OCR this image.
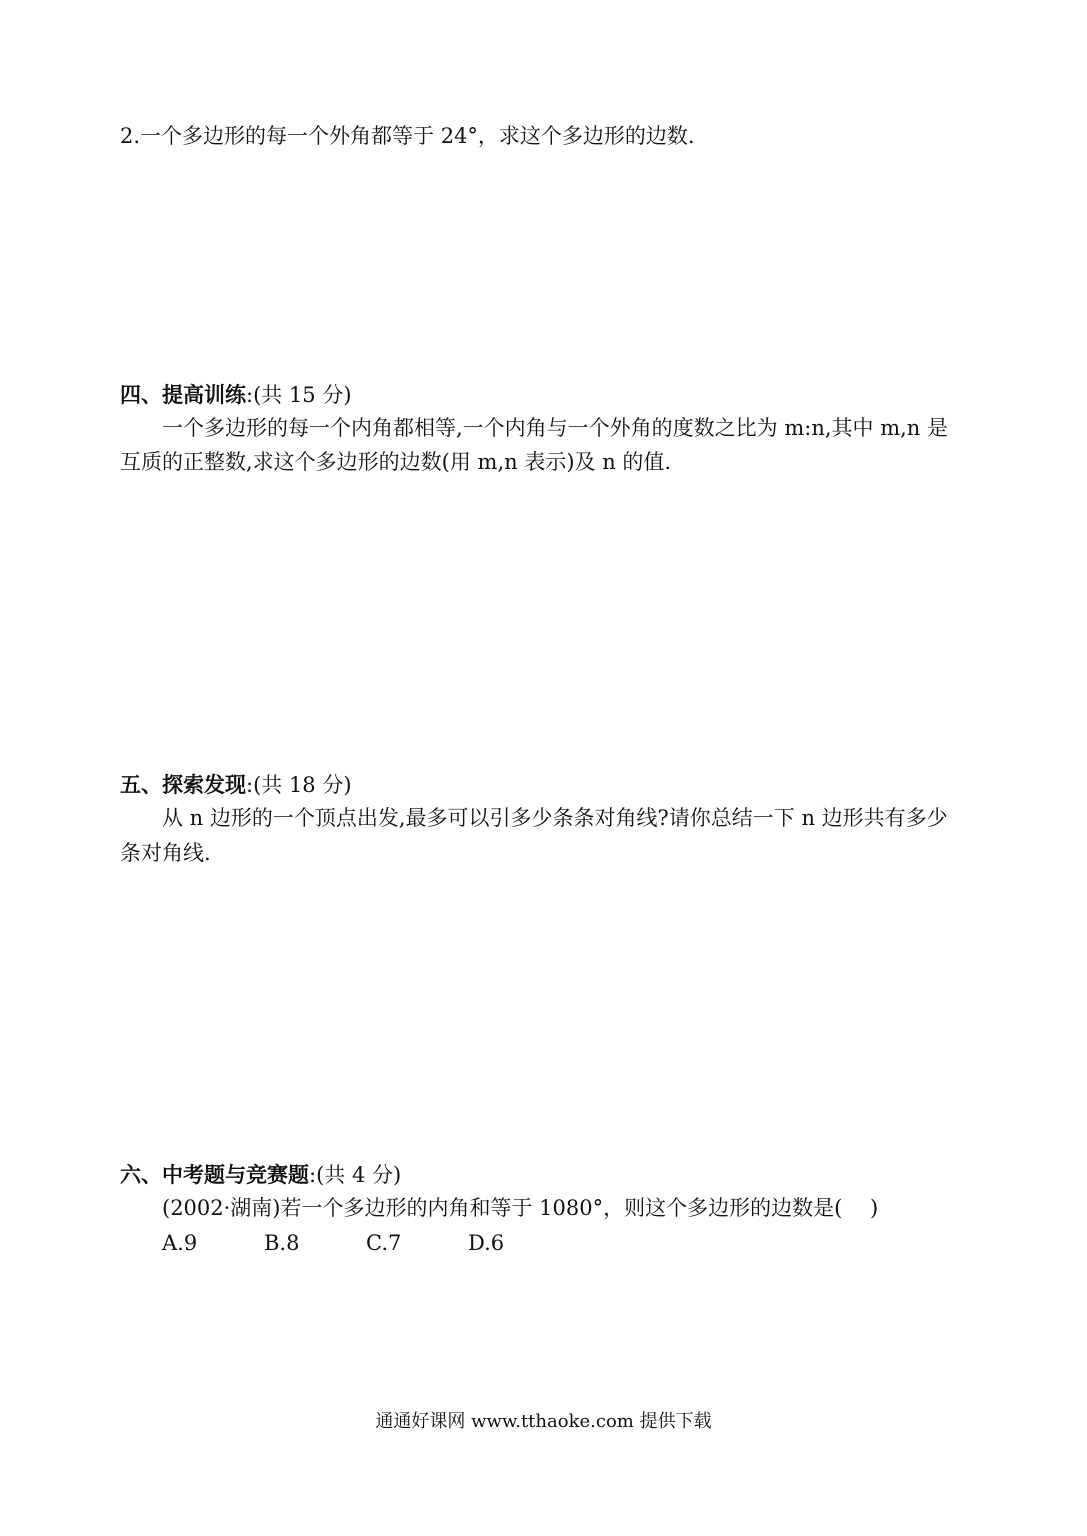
2.一个多边形的每一个外角都等于 24°，求这个多边形的边数.
四、提高训练:(共 15 分)
一个多边形的每一个内角都相等,一个内角与一个外角的度数之比为 m:n,其中 m,n 是
互质的正整数,求这个多边形的边数(用 m,n 表示)及 n 的值.
五、探索发现:(共 18 分)
从 n 边形的一个顶点出发,最多可以引多少条条对角线?请你总结一下 n 边形共有多少
条对角线.
六、中考题与竞赛题:(共 4 分)
(2002·湖南)若一个多边形的内角和等于 1080°，则这个多边形的边数是(　 )
A.9	B.8	C.7	D.6
通通好课网 www.tthaoke.com 提供下载
